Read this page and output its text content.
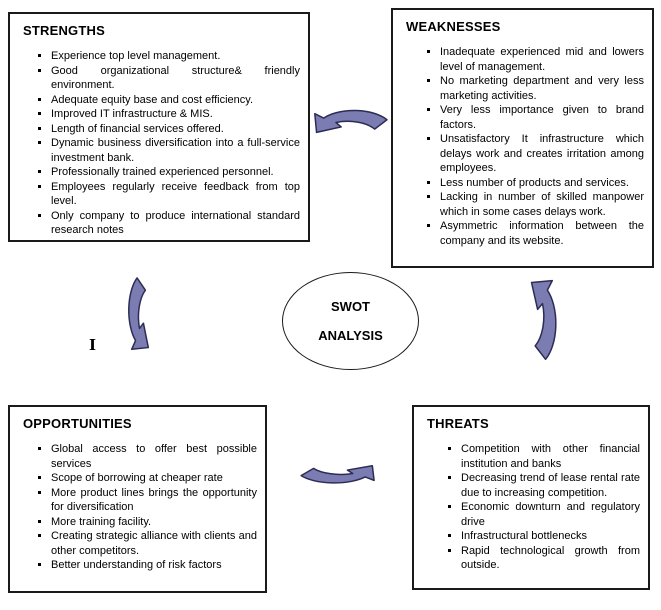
STRENGTHS
▪ Experience top level management.
▪ Good organizational structure& friendly environment.
▪ Adequate equity base and cost efficiency.
▪ Improved IT infrastructure & MIS.
▪ Length of financial services offered.
▪ Dynamic business diversification into a full-service investment bank.
▪ Professionally trained experienced personnel.
▪ Employees regularly receive feedback from top level.
▪ Only company to produce international standard research notes
WEAKNESSES
▪ Inadequate experienced mid and lowers level of management.
▪ No marketing department and very less marketing activities.
▪ Very less importance given to brand factors.
▪ Unsatisfactory It infrastructure which delays work and creates irritation among employees.
▪ Less number of products and services.
▪ Lacking in number of skilled manpower which in some cases delays work.
▪ Asymmetric information between the company and its website.
OPPORTUNITIES
▪ Global access to offer best possible services
▪ Scope of borrowing at cheaper rate
▪ More product lines brings the opportunity for diversification
▪ More training facility.
▪ Creating strategic alliance with clients and other competitors.
▪ Better understanding of risk factors
THREATS
▪ Competition with other financial institution and banks
▪ Decreasing trend of lease rental rate due to increasing competition.
▪ Economic downturn and regulatory drive
▪ Infrastructural bottlenecks
▪ Rapid technological growth from outside.
SWOT
ANALYSIS
I
